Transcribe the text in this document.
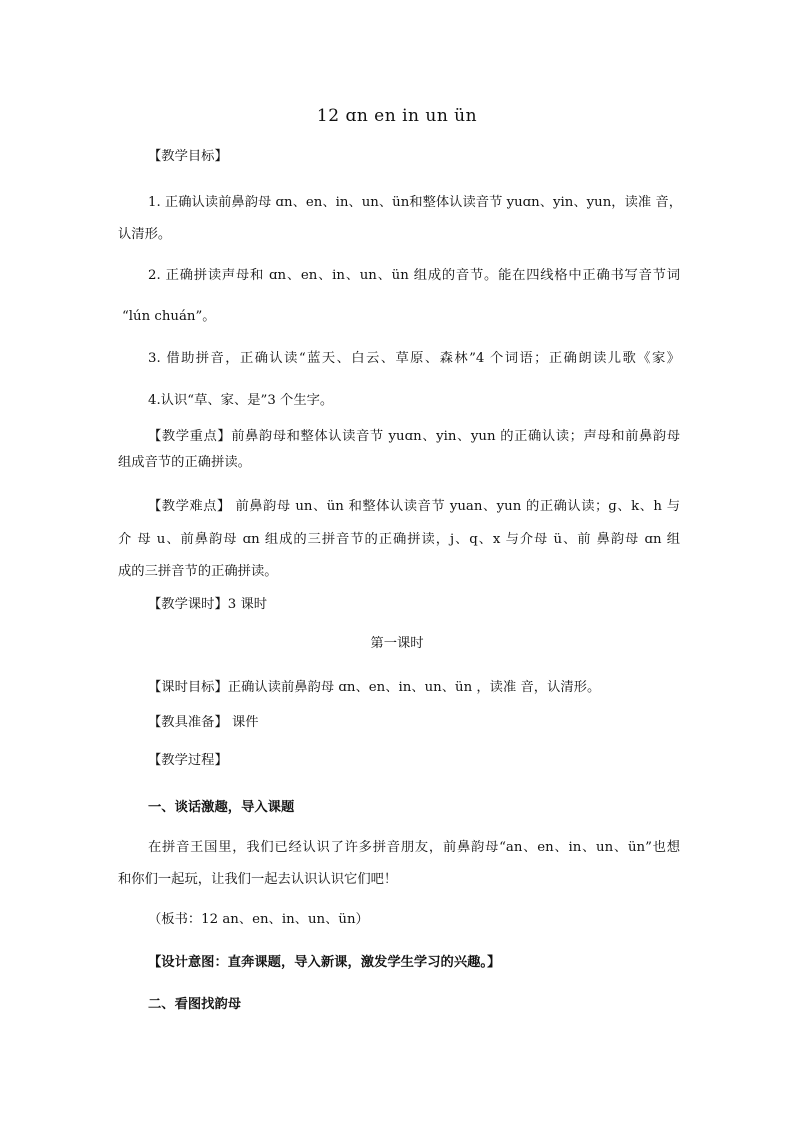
12 ɑn en in un ün
【教学目标】
1. 正确认读前鼻韵母 ɑn、en、in、un、ün和整体认读音节 yuɑn、yin、yun，读准 音，
认清形。
2. 正确拼读声母和 ɑn、en、in、un、ün 组成的音节。能在四线格中正确书写音节词
“lún chuán”。
3. 借助拼音，正确认读“蓝天、白云、草原、森林”4 个词语；正确朗读儿歌《家》
4.认识“草、家、是”3 个生字。
【教学重点】前鼻韵母和整体认读音节 yuɑn、yin、yun 的正确认读；声母和前鼻韵母
组成音节的正确拼读。
【教学难点】 前鼻韵母 un、ün 和整体认读音节 yuan、yun 的正确认读；ɡ、k、h 与
介 母 u、前鼻韵母 ɑn 组成的三拼音节的正确拼读，j、q、x 与介母 ü、前 鼻韵母 ɑn 组
成的三拼音节的正确拼读。
【教学课时】3 课时
第一课时
【课时目标】正确认读前鼻韵母 ɑn、en、in、un、ün ，读准 音，认清形。
【教具准备】 课件
【教学过程】
一、谈话激趣，导入课题
在拼音王国里，我们已经认识了许多拼音朋友，前鼻韵母“an、en、in、un、ün”也想
和你们一起玩，让我们一起去认识认识它们吧！
（板书：12 an、en、in、un、ün）
【设计意图：直奔课题，导入新课，激发学生学习的兴趣。】
二、看图找韵母
